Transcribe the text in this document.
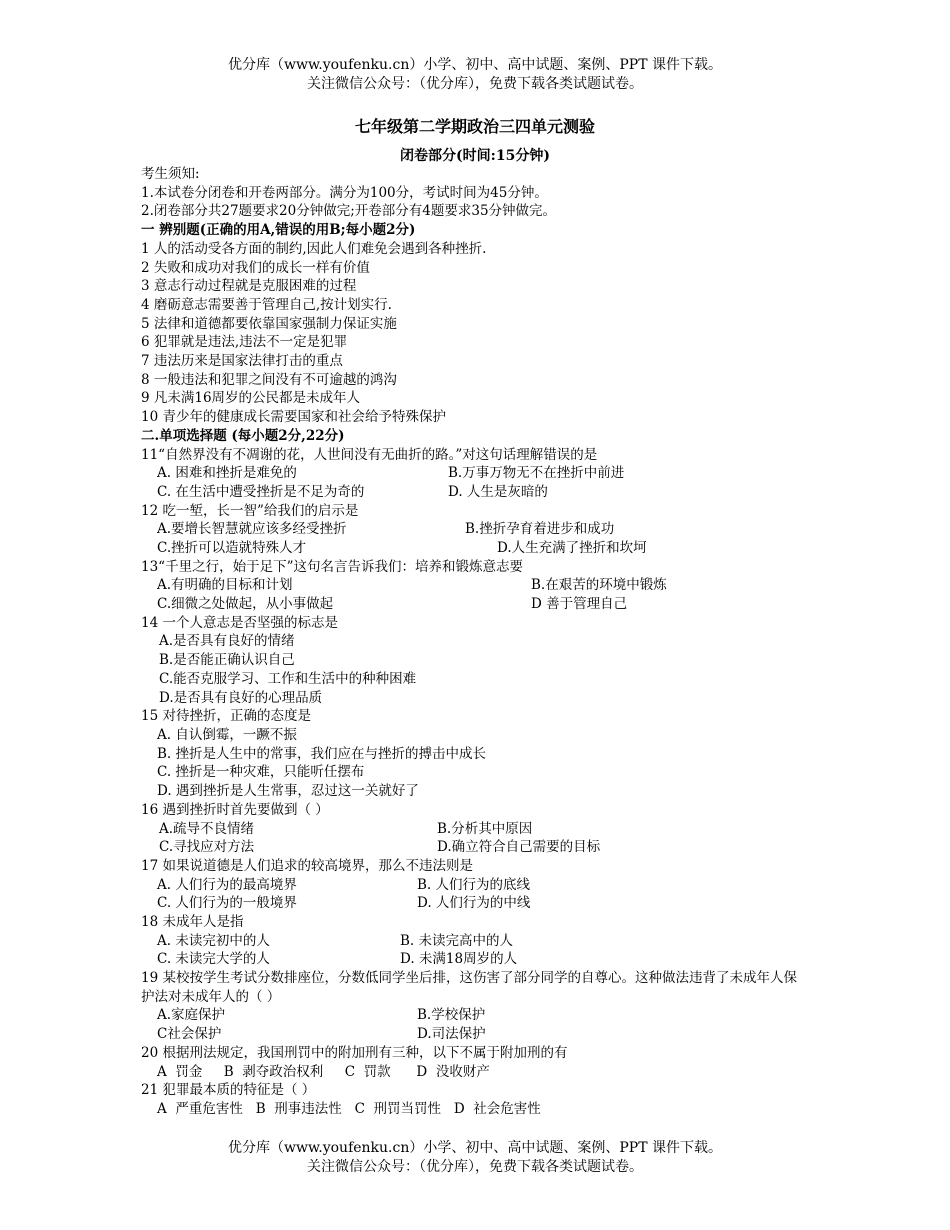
优分库（www.youfenku.cn）小学、初中、高中试题、案例、PPT 课件下载。
关注微信公众号：（优分库），免费下载各类试题试卷。
七年级第二学期政治三四单元测验
闭卷部分(时间:15分钟)
考生须知:
1.本试卷分闭卷和开卷两部分。满分为100分，考试时间为45分钟。
2.闭卷部分共27题要求20分钟做完;开卷部分有4题要求35分钟做完。
一 辨别题(正确的用A,错误的用B;每小题2分)
1 人的活动受各方面的制约,因此人们难免会遇到各种挫折.
2 失败和成功对我们的成长一样有价值
3 意志行动过程就是克服困难的过程
4 磨砺意志需要善于管理自己,按计划实行.
5 法律和道德都要依靠国家强制力保证实施
6 犯罪就是违法,违法不一定是犯罪
7 违法历来是国家法律打击的重点
8 一般违法和犯罪之间没有不可逾越的鸿沟
9 凡未满16周岁的公民都是未成年人
10 青少年的健康成长需要国家和社会给予特殊保护
二.单项选择题 (每小题2分,22分)
11“自然界没有不凋谢的花，人世间没有无曲折的路。”对这句话理解错误的是
A. 困难和挫折是难免的	B.万事万物无不在挫折中前进
C. 在生活中遭受挫折是不足为奇的	D. 人生是灰暗的
12 吃一堑，长一智”给我们的启示是
A.要增长智慧就应该多经受挫折	B.挫折孕育着进步和成功
C.挫折可以造就特殊人才	D.人生充满了挫折和坎坷
13“千里之行，始于足下”这句名言告诉我们：培养和锻炼意志要
A.有明确的目标和计划	B.在艰苦的环境中锻炼
C.细微之处做起，从小事做起	D 善于管理自己
14 一个人意志是否坚强的标志是
A.是否具有良好的情绪
B.是否能正确认识自己
C.能否克服学习、工作和生活中的种种困难
D.是否具有良好的心理品质
15 对待挫折，正确的态度是
A. 自认倒霉，一蹶不振
B. 挫折是人生中的常事，我们应在与挫折的搏击中成长
C. 挫折是一种灾难，只能听任摆布
D. 遇到挫折是人生常事，忍过这一关就好了
16 遇到挫折时首先要做到（ ）
A.疏导不良情绪	B.分析其中原因
C.寻找应对方法	D.确立符合自己需要的目标
17 如果说道德是人们追求的较高境界，那么不违法则是
A. 人们行为的最高境界	B. 人们行为的底线
C. 人们行为的一般境界	D. 人们行为的中线
18 未成年人是指
A. 未读完初中的人	B. 未读完高中的人
C. 未读完大学的人	D. 未满18周岁的人
19 某校按学生考试分数排座位，分数低同学坐后排，这伤害了部分同学的自尊心。这种做法违背了未成年人保护法对未成年人的（ ）
A.家庭保护	B.学校保护
C社会保护	D.司法保护
20 根据刑法规定，我国刑罚中的附加刑有三种，以下不属于附加刑的有
A  罚金     B  剥夺政治权利     C  罚款      D  没收财产
21 犯罪最本质的特征是（ ）
A  严重危害性   B  刑事违法性   C  刑罚当罚性   D  社会危害性
优分库（www.youfenku.cn）小学、初中、高中试题、案例、PPT 课件下载。
关注微信公众号：（优分库），免费下载各类试题试卷。
